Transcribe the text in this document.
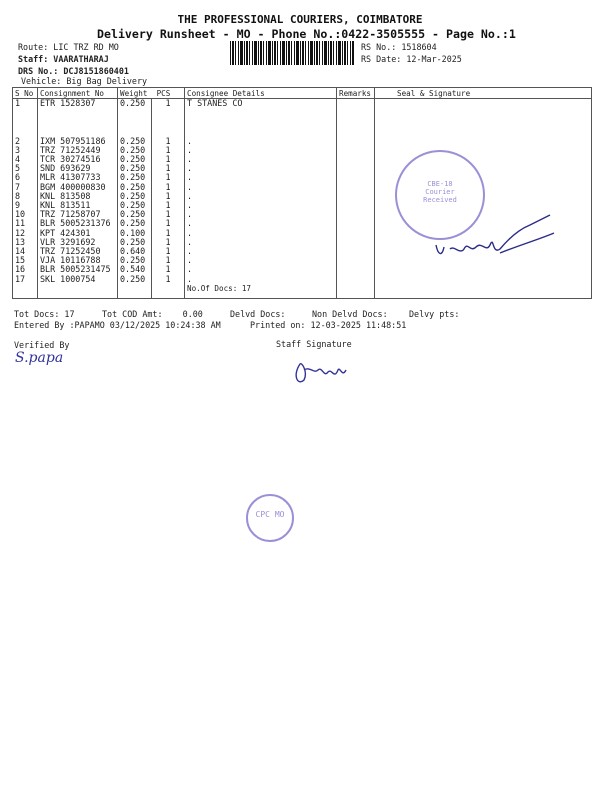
THE PROFESSIONAL COURIERS, COIMBATORE
Delivery Runsheet - MO - Phone No.:0422-3505555 - Page No.:1
Route: LIC TRZ RD MO
Staff: VAARATHARAJ
DRS No.: DCJ8151860401
Vehicle: Big Bag Delivery
RS No.: 1518604
RS Date: 12-Mar-2025
S No	Consignment No	Weight PCS		Consignee Details	Remarks	Seal & Signature
1	ETR 1528307	0.250	1	T STANES CO		
2	IXM 507951186	0.250	1	.		
3	TRZ 71252449	0.250	1	.		
4	TCR 30274516	0.250	1	.		
5	SND 693629	0.250	1	.		
6	MLR 41307733	0.250	1	.		
7	BGM 400000830	0.250	1	.		
8	KNL 813508	0.250	1	.		
9	KNL 813511	0.250	1	.		
10	TRZ 71258707	0.250	1	.		
11	BLR 5005231376	0.250	1	.		
12	KPT 424301	0.100	1	.		
13	VLR 3291692	0.250	1	.		
14	TRZ 71252450	0.640	1	.		
15	VJA 10116788	0.250	1	.		
16	BLR 5005231475	0.540	1	.		
17	SKL 1000754	0.250	1	.		
				No.Of Docs: 17		
Tot Docs: 17	Tot COD Amt:    0.00	Delvd Docs:	Non Delvd Docs:	Delvy pts:
Entered By :PAPAMO 03/12/2025 10:24:38 AM	Printed on: 12-03-2025 11:48:51
Verified By	Staff Signature
S.papa
CBE-18 Courier Received
CPC MO
